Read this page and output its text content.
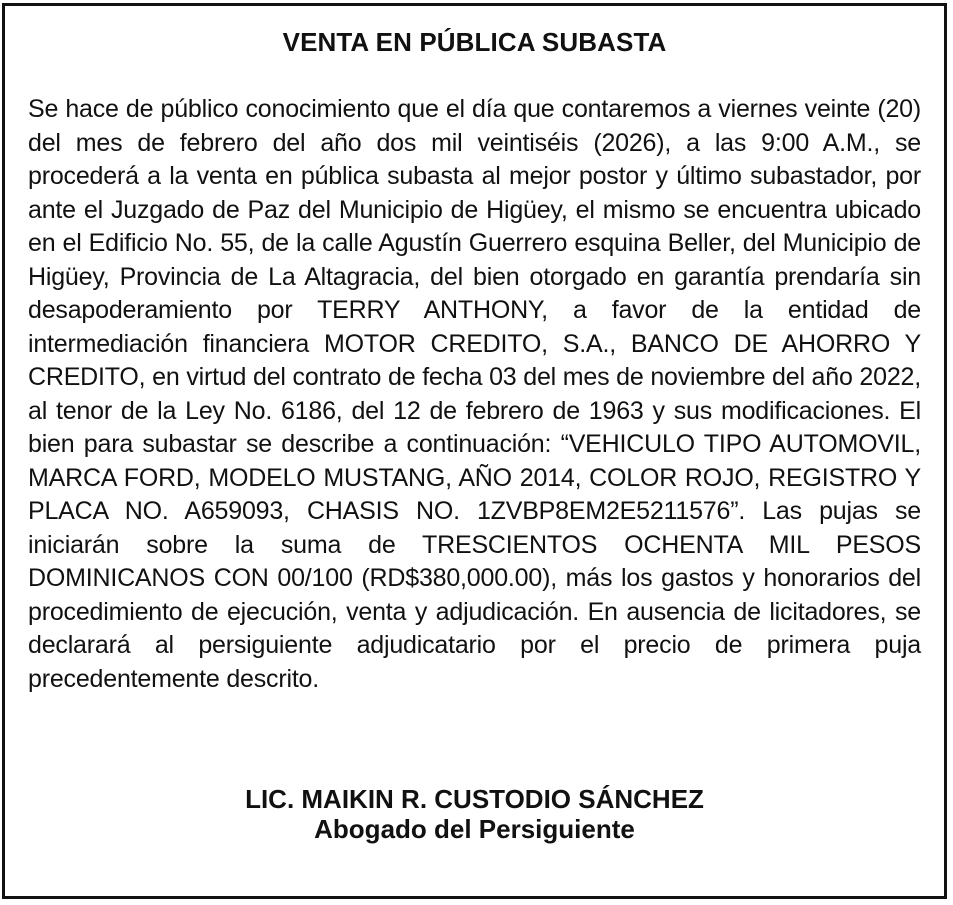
VENTA EN PÚBLICA SUBASTA

Se hace de público conocimiento que el día que contaremos a viernes veinte (20) del mes de febrero del año dos mil veintiséis (2026), a las 9:00 A.M., se procederá a la venta en pública subasta al mejor postor y último subastador, por ante el Juzgado de Paz del Municipio de Higüey, el mismo se encuentra ubicado en el Edificio No. 55, de la calle Agustín Guerrero esquina Beller, del Municipio de Higüey, Provincia de La Altagracia, del bien otorgado en garantía prendaría sin desapoderamiento por TERRY ANTHONY, a favor de la entidad de intermediación financiera MOTOR CREDITO, S.A., BANCO DE AHORRO Y CREDITO, en virtud del contrato de fecha 03 del mes de noviembre del año 2022, al tenor de la Ley No. 6186, del 12 de febrero de 1963 y sus modificaciones. El bien para subastar se describe a continuación: “VEHICULO TIPO AUTOMOVIL, MARCA FORD, MODELO MUSTANG, AÑO 2014, COLOR ROJO, REGISTRO Y PLACA NO. A659093, CHASIS NO. 1ZVBP8EM2E5211576”. Las pujas se iniciarán sobre la suma de TRESCIENTOS OCHENTA MIL PESOS DOMINICANOS CON 00/100 (RD$380,000.00), más los gastos y honorarios del procedimiento de ejecución, venta y adjudicación. En ausencia de licitadores, se declarará al persiguiente adjudicatario por el precio de primera puja precedentemente descrito.

LIC. MAIKIN R. CUSTODIO SÁNCHEZ
Abogado del Persiguiente
